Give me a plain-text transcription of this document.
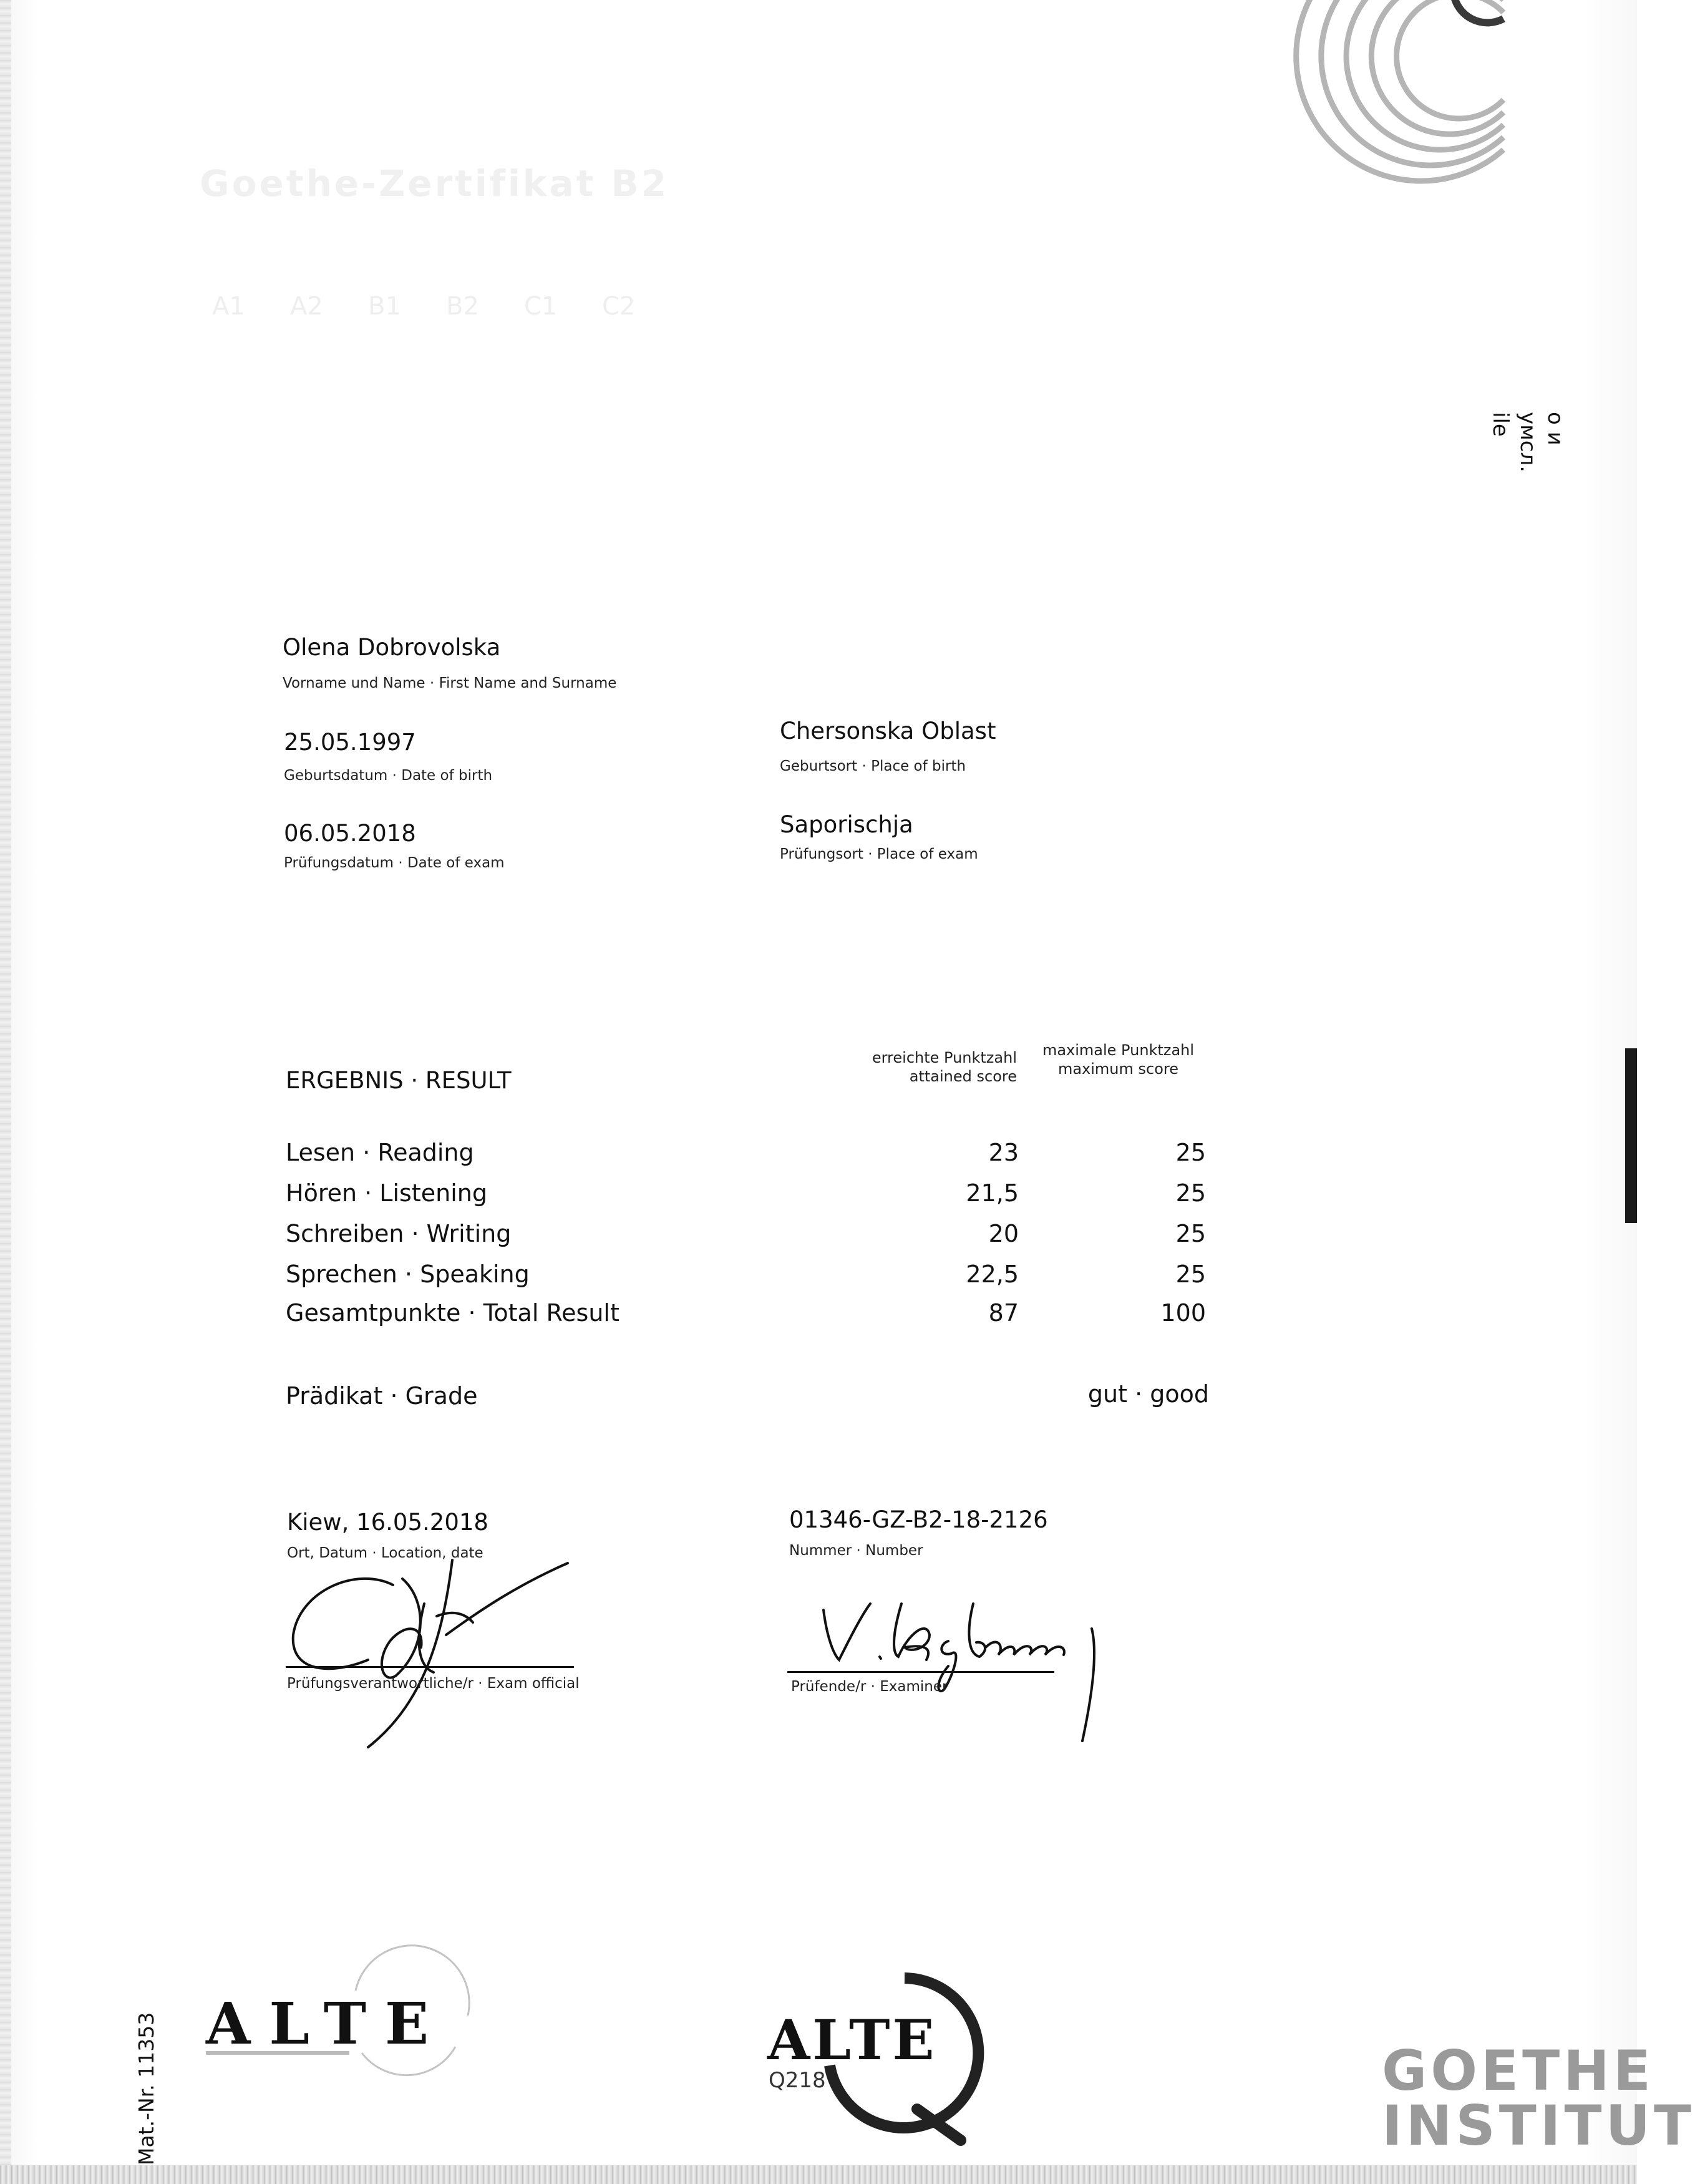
Goethe-Zertifikat B2
A1	A2	B1	B2	C1	C2
о и
умсл.
ile
Olena Dobrovolska
Vorname und Name · First Name and Surname
25.05.1997
Geburtsdatum · Date of birth
Chersonska Oblast
Geburtsort · Place of birth
06.05.2018
Prüfungsdatum · Date of exam
Saporischja
Prüfungsort · Place of exam
ERGEBNIS · RESULT
erreichte Punktzahl
attained score
maximale Punktzahl
maximum score
Lesen · Reading	23	25
Hören · Listening	21,5	25
Schreiben · Writing	20	25
Sprechen · Speaking	22,5	25
Gesamtpunkte · Total Result	87	100
Prädikat · Grade	gut · good
Kiew, 16.05.2018
Ort, Datum · Location, date
01346-GZ-B2-18-2126
Nummer · Number
Prüfungsverantwortliche/r · Exam official	Prüfende/r · Examiner
Mat.-Nr. 11353 ALTE	ALTE
Q218	GOETHE
INSTITUT
